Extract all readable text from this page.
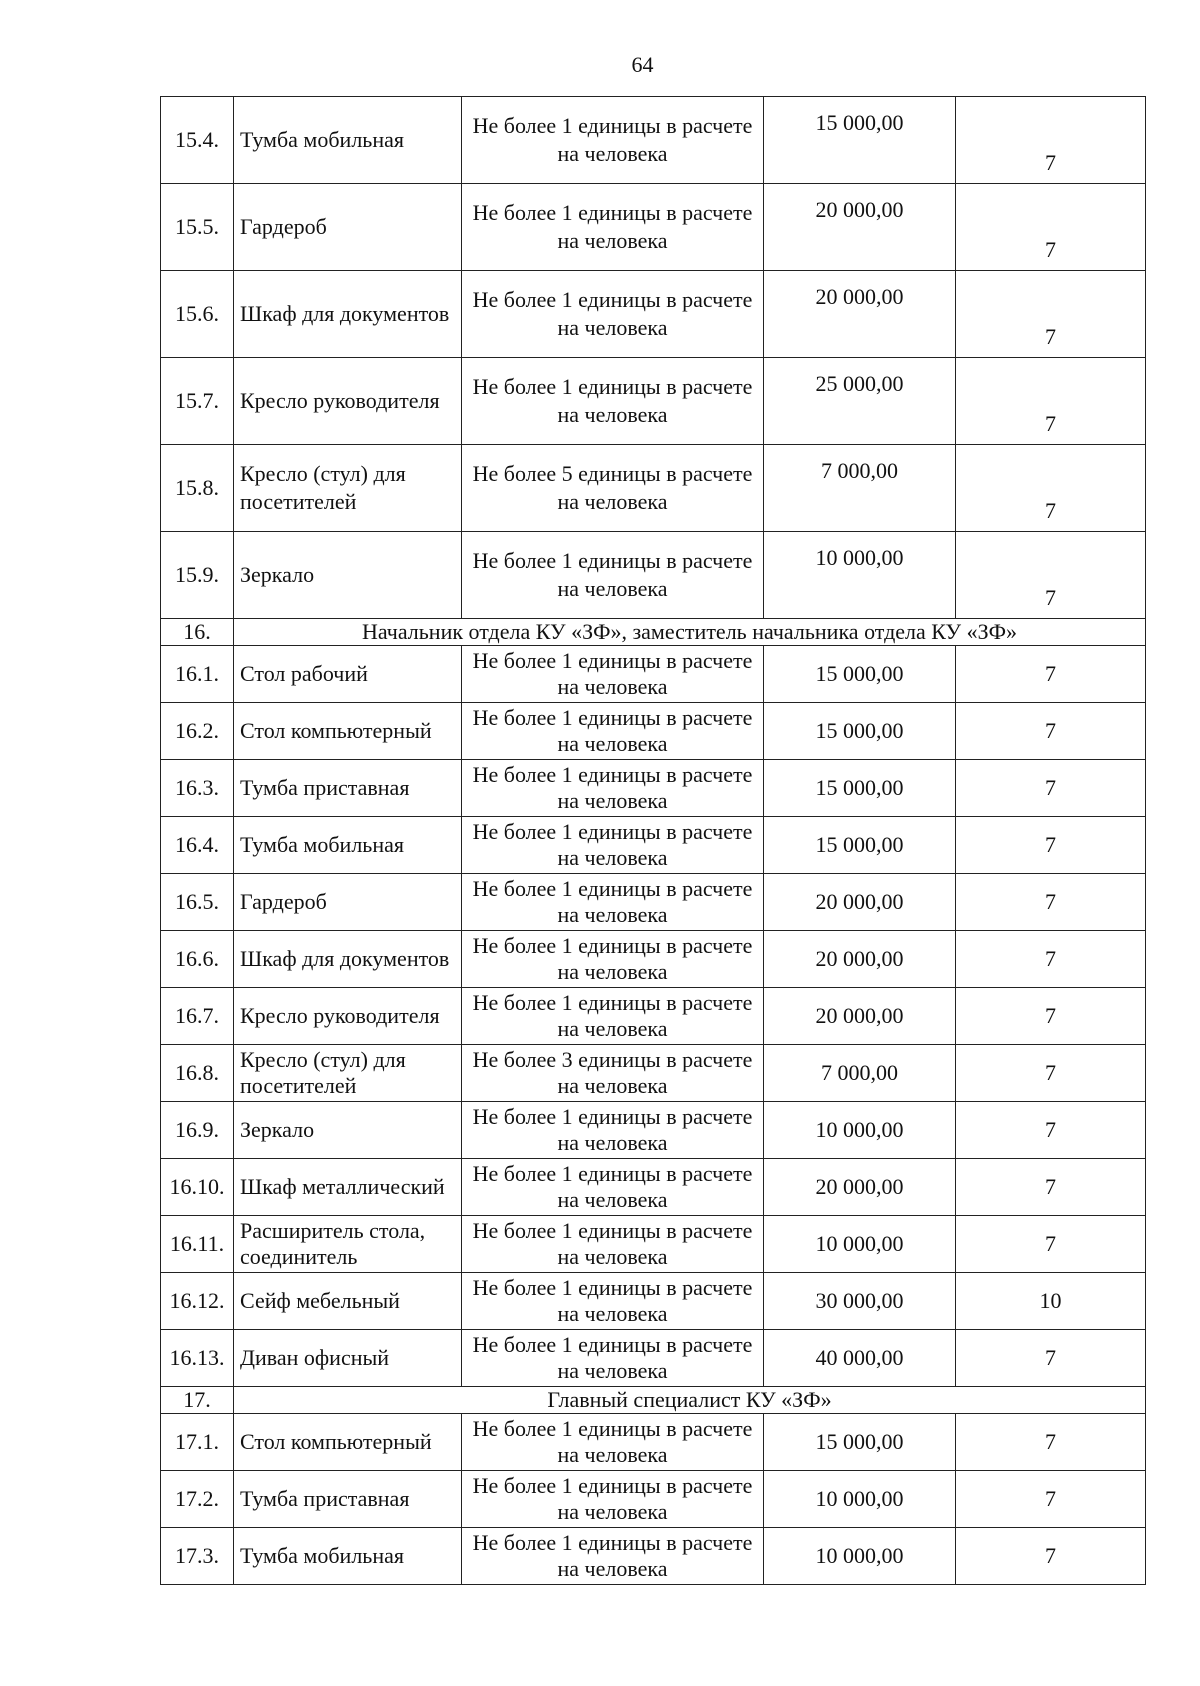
64
15.4.	Тумба мобильная	Не более 1 единицы в расчете на человека	15 000,00	7
15.5.	Гардероб	Не более 1 единицы в расчете на человека	20 000,00	7
15.6.	Шкаф для документов	Не более 1 единицы в расчете на человека	20 000,00	7
15.7.	Кресло руководителя	Не более 1 единицы в расчете на человека	25 000,00	7
15.8.	Кресло (стул) для посетителей	Не более 5 единицы в расчете на человека	7 000,00	7
15.9.	Зеркало	Не более 1 единицы в расчете на человека	10 000,00	7
16.	Начальник отдела КУ «ЗФ», заместитель начальника отдела КУ «ЗФ»			
16.1.	Стол рабочий	Не более 1 единицы в расчете на человека	15 000,00	7
16.2.	Стол компьютерный	Не более 1 единицы в расчете на человека	15 000,00	7
16.3.	Тумба приставная	Не более 1 единицы в расчете на человека	15 000,00	7
16.4.	Тумба мобильная	Не более 1 единицы в расчете на человека	15 000,00	7
16.5.	Гардероб	Не более 1 единицы в расчете на человека	20 000,00	7
16.6.	Шкаф для документов	Не более 1 единицы в расчете на человека	20 000,00	7
16.7.	Кресло руководителя	Не более 1 единицы в расчете на человека	20 000,00	7
16.8.	Кресло (стул) для посетителей	Не более 3 единицы в расчете на человека	7 000,00	7
16.9.	Зеркало	Не более 1 единицы в расчете на человека	10 000,00	7
16.10.	Шкаф металлический	Не более 1 единицы в расчете на человека	20 000,00	7
16.11.	Расширитель стола, соединитель	Не более 1 единицы в расчете на человека	10 000,00	7
16.12.	Сейф мебельный	Не более 1 единицы в расчете на человека	30 000,00	10
16.13.	Диван офисный	Не более 1 единицы в расчете на человека	40 000,00	7
17.	Главный специалист КУ «ЗФ»			
17.1.	Стол компьютерный	Не более 1 единицы в расчете на человека	15 000,00	7
17.2.	Тумба приставная	Не более 1 единицы в расчете на человека	10 000,00	7
17.3.	Тумба мобильная	Не более 1 единицы в расчете на человека	10 000,00	7
